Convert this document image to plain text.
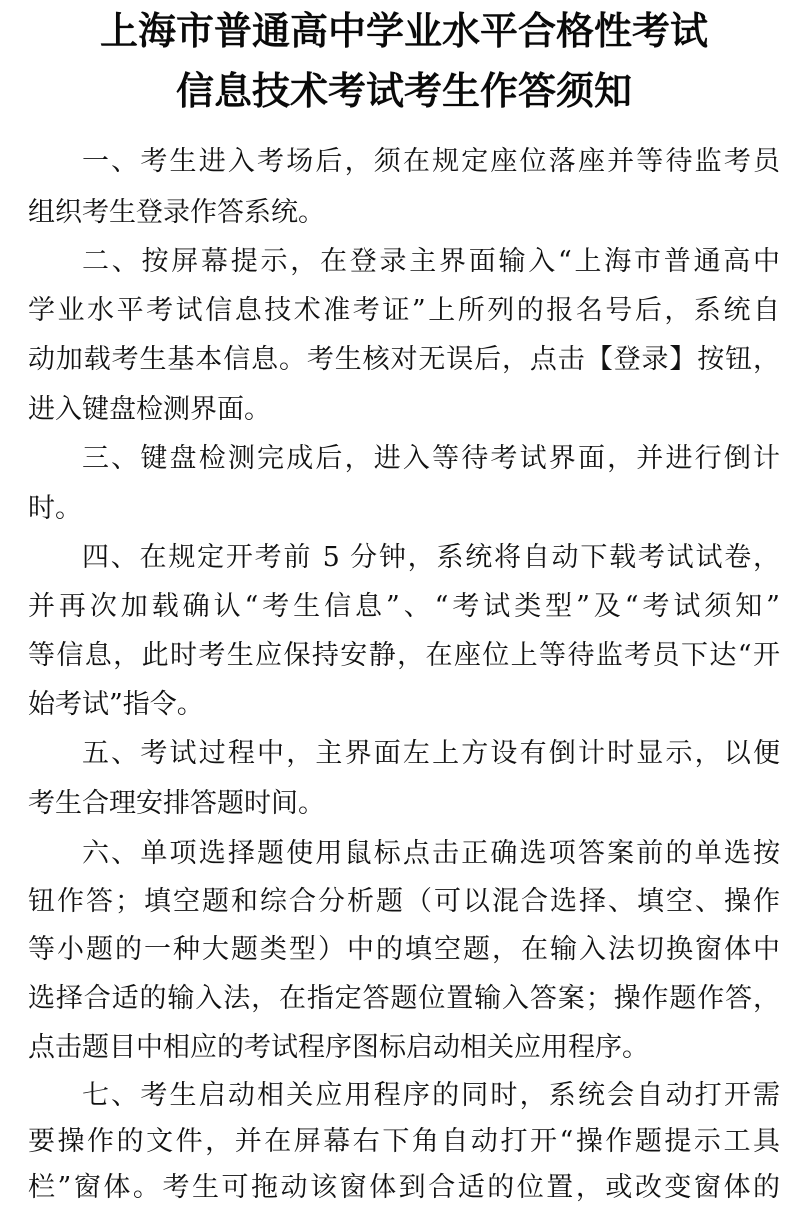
上海市普通高中学业水平合格性考试
信息技术考试考生作答须知
一、考生进入考场后，须在规定座位落座并等待监考员
组织考生登录作答系统。
二、按屏幕提示，在登录主界面输入“上海市普通高中
学业水平考试信息技术准考证”上所列的报名号后，系统自
动加载考生基本信息。考生核对无误后，点击【登录】按钮，
进入键盘检测界面。
三、键盘检测完成后，进入等待考试界面，并进行倒计
时。
四、在规定开考前 5 分钟，系统将自动下载考试试卷，
并再次加载确认“考生信息”、“考试类型”及“考试须知”
等信息，此时考生应保持安静，在座位上等待监考员下达“开
始考试”指令。
五、考试过程中，主界面左上方设有倒计时显示，以便
考生合理安排答题时间。
六、单项选择题使用鼠标点击正确选项答案前的单选按
钮作答；填空题和综合分析题（可以混合选择、填空、操作
等小题的一种大题类型）中的填空题，在输入法切换窗体中
选择合适的输入法，在指定答题位置输入答案；操作题作答，
点击题目中相应的考试程序图标启动相关应用程序。
七、考生启动相关应用程序的同时，系统会自动打开需
要操作的文件，并在屏幕右下角自动打开“操作题提示工具
栏”窗体。考生可拖动该窗体到合适的位置，或改变窗体的
